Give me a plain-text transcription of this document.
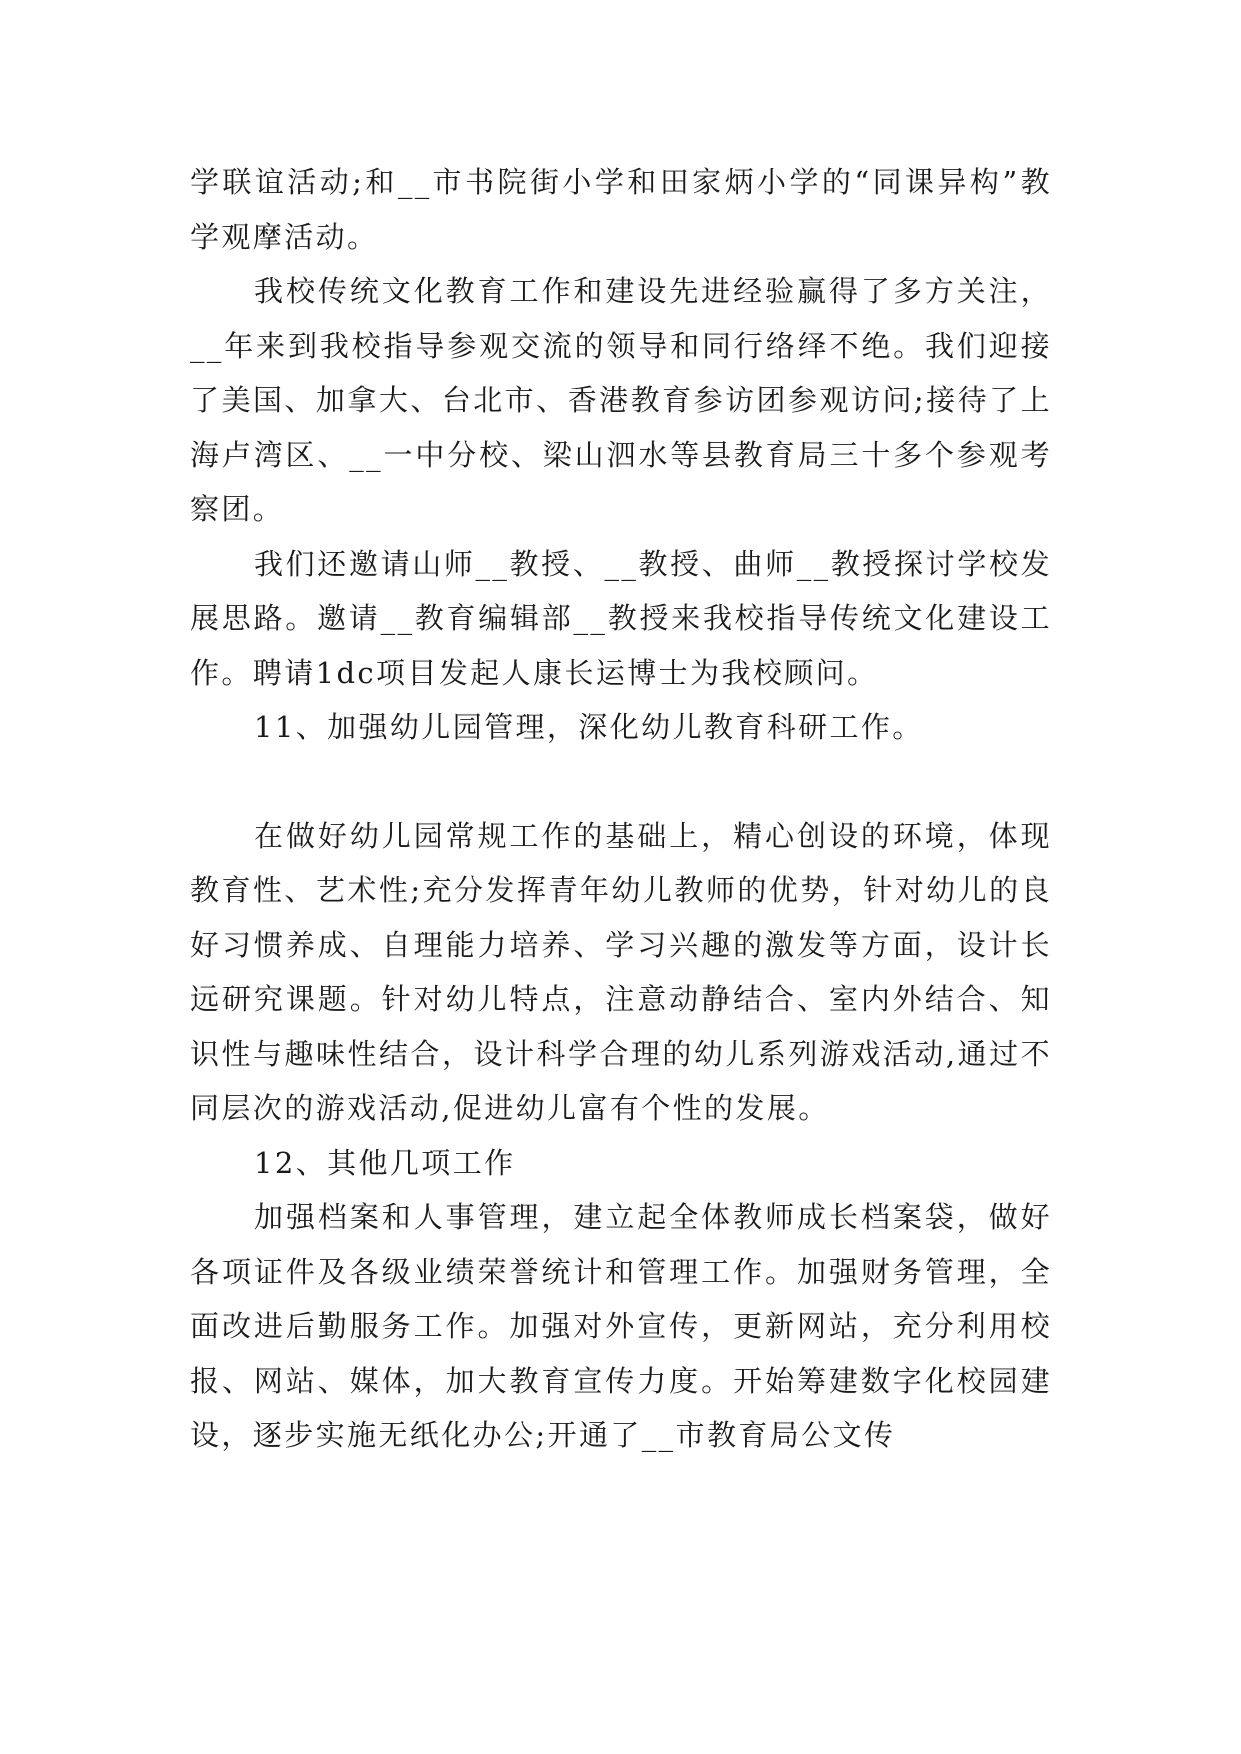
学联谊活动;和__市书院街小学和田家炳小学的“同课异构”教学观摩活动。

我校传统文化教育工作和建设先进经验赢得了多方关注，__年来到我校指导参观交流的领导和同行络绎不绝。我们迎接了美国、加拿大、台北市、香港教育参访团参观访问;接待了上海卢湾区、__一中分校、梁山泗水等县教育局三十多个参观考察团。

我们还邀请山师__教授、__教授、曲师__教授探讨学校发展思路。邀请__教育编辑部__教授来我校指导传统文化建设工作。聘请1dc项目发起人康长运博士为我校顾问。

11、加强幼儿园管理，深化幼儿教育科研工作。

在做好幼儿园常规工作的基础上，精心创设的环境，体现教育性、艺术性;充分发挥青年幼儿教师的优势，针对幼儿的良好习惯养成、自理能力培养、学习兴趣的激发等方面，设计长远研究课题。针对幼儿特点，注意动静结合、室内外结合、知识性与趣味性结合，设计科学合理的幼儿系列游戏活动,通过不同层次的游戏活动,促进幼儿富有个性的发展。

12、其他几项工作

加强档案和人事管理，建立起全体教师成长档案袋，做好各项证件及各级业绩荣誉统计和管理工作。加强财务管理，全面改进后勤服务工作。加强对外宣传，更新网站，充分利用校报、网站、媒体，加大教育宣传力度。开始筹建数字化校园建设，逐步实施无纸化办公;开通了__市教育局公文传
